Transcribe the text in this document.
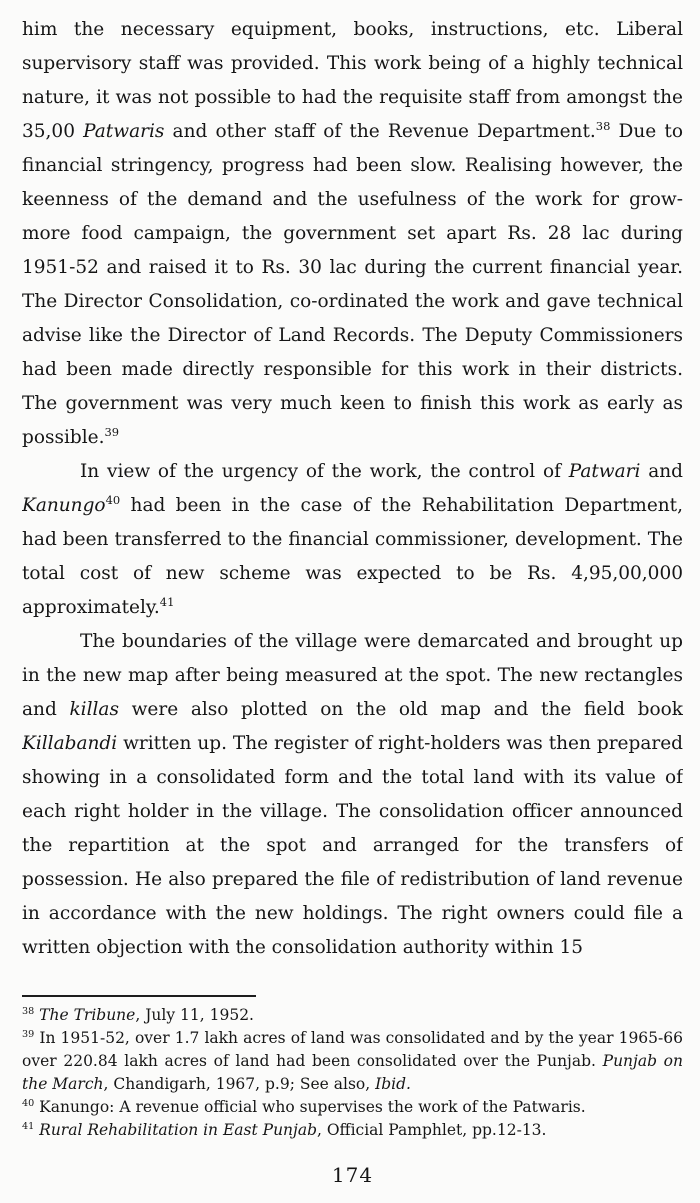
him the necessary equipment, books, instructions, etc. Liberal supervisory staff was provided. This work being of a highly technical nature, it was not possible to had the requisite staff from amongst the 35,00 Patwaris and other staff of the Revenue Department.$^{38}$ Due to financial stringency, progress had been slow. Realising however, the keenness of the demand and the usefulness of the work for grow-more food campaign, the government set apart Rs. 28 lac during 1951-52 and raised it to Rs. 30 lac during the current financial year. The Director Consolidation, co-ordinated the work and gave technical advise like the Director of Land Records. The Deputy Commissioners had been made directly responsible for this work in their districts. The government was very much keen to finish this work as early as possible.$^{39}$

In view of the urgency of the work, the control of Patwari and Kanungo$^{40}$ had been in the case of the Rehabilitation Department, had been transferred to the financial commissioner, development. The total cost of new scheme was expected to be Rs. 4,95,00,000 approximately.$^{41}$

The boundaries of the village were demarcated and brought up in the new map after being measured at the spot. The new rectangles and killas were also plotted on the old map and the field book Killabandi written up. The register of right-holders was then prepared showing in a consolidated form and the total land with its value of each right holder in the village. The consolidation officer announced the repartition at the spot and arranged for the transfers of possession. He also prepared the file of redistribution of land revenue in accordance with the new holdings. The right owners could file a written objection with the consolidation authority within 15

$^{38}$ The Tribune, July 11, 1952.

$^{39}$ In 1951-52, over 1.7 lakh acres of land was consolidated and by the year 1965-66 over 220.84 lakh acres of land had been consolidated over the Punjab. Punjab on the March, Chandigarh, 1967, p.9; See also, Ibid.

$^{40}$ Kanungo: A revenue official who supervises the work of the Patwaris.

$^{41}$ Rural Rehabilitation in East Punjab, Official Pamphlet, pp.12-13.

174
